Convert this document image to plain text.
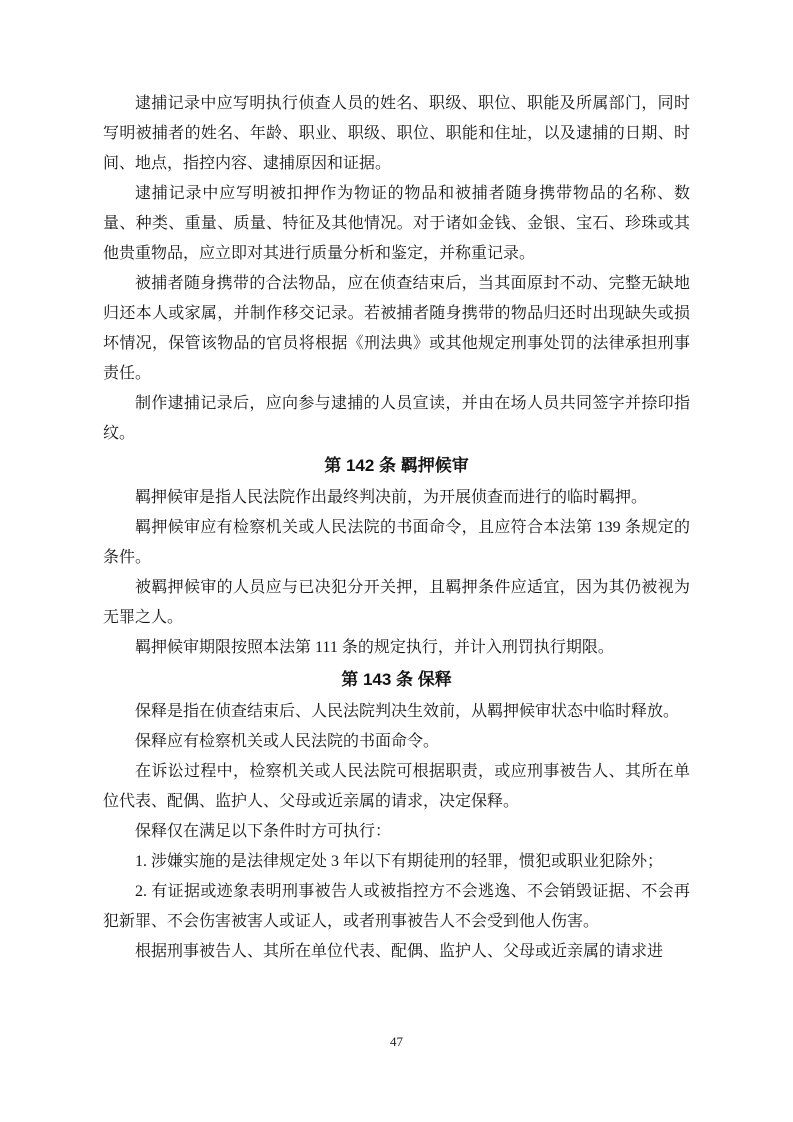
逮捕记录中应写明执行侦查人员的姓名、职级、职位、职能及所属部门，同时写明被捕者的姓名、年龄、职业、职级、职位、职能和住址，以及逮捕的日期、时间、地点，指控内容、逮捕原因和证据。

逮捕记录中应写明被扣押作为物证的物品和被捕者随身携带物品的名称、数量、种类、重量、质量、特征及其他情况。对于诸如金钱、金银、宝石、珍珠或其他贵重物品，应立即对其进行质量分析和鉴定，并称重记录。

被捕者随身携带的合法物品，应在侦查结束后，当其面原封不动、完整无缺地归还本人或家属，并制作移交记录。若被捕者随身携带的物品归还时出现缺失或损坏情况，保管该物品的官员将根据《刑法典》或其他规定刑事处罚的法律承担刑事责任。

制作逮捕记录后，应向参与逮捕的人员宣读，并由在场人员共同签字并捺印指纹。

第 142 条 羁押候审

羁押候审是指人民法院作出最终判决前，为开展侦查而进行的临时羁押。

羁押候审应有检察机关或人民法院的书面命令，且应符合本法第 139 条规定的条件。

被羁押候审的人员应与已决犯分开关押，且羁押条件应适宜，因为其仍被视为无罪之人。

羁押候审期限按照本法第 111 条的规定执行，并计入刑罚执行期限。

第 143 条 保释

保释是指在侦查结束后、人民法院判决生效前，从羁押候审状态中临时释放。

保释应有检察机关或人民法院的书面命令。

在诉讼过程中，检察机关或人民法院可根据职责，或应刑事被告人、其所在单位代表、配偶、监护人、父母或近亲属的请求，决定保释。

保释仅在满足以下条件时方可执行：

1. 涉嫌实施的是法律规定处 3 年以下有期徒刑的轻罪，惯犯或职业犯除外；

2. 有证据或迹象表明刑事被告人或被指控方不会逃逸、不会销毁证据、不会再犯新罪、不会伤害被害人或证人，或者刑事被告人不会受到他人伤害。

根据刑事被告人、其所在单位代表、配偶、监护人、父母或近亲属的请求进

47
